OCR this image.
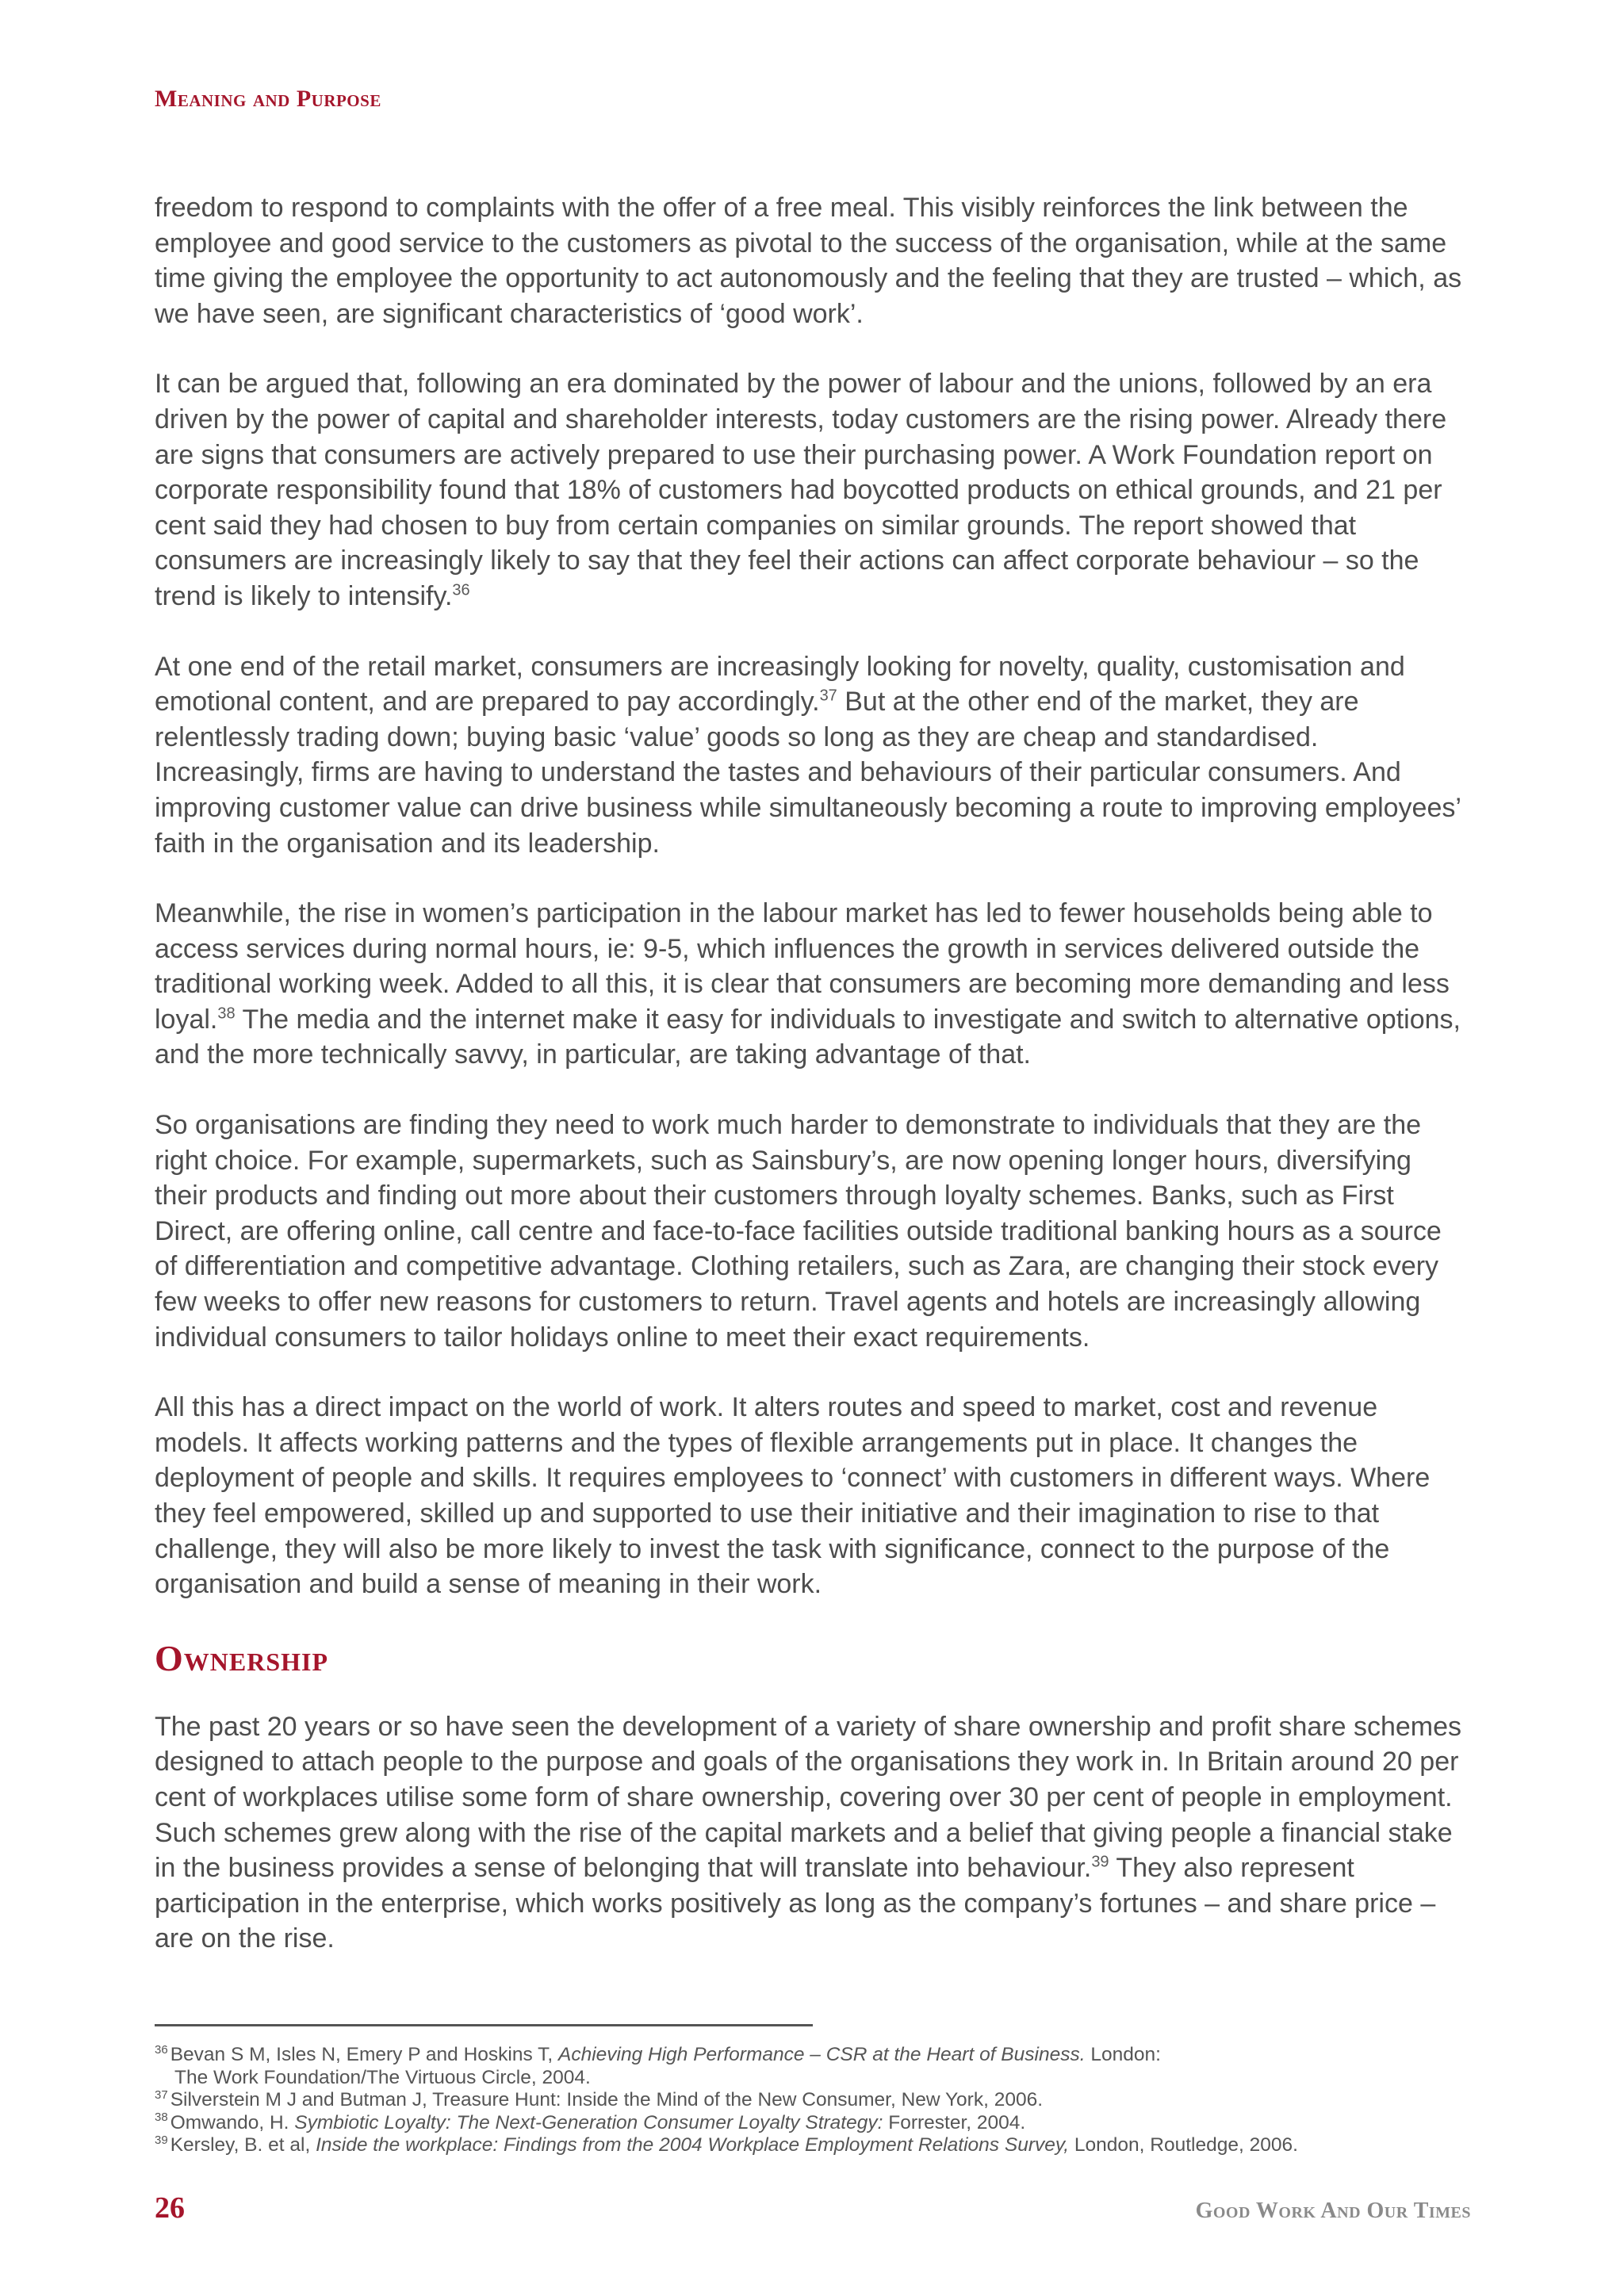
Meaning and Purpose

freedom to respond to complaints with the offer of a free meal. This visibly reinforces the link between the employee and good service to the customers as pivotal to the success of the organisation, while at the same time giving the employee the opportunity to act autonomously and the feeling that they are trusted – which, as we have seen, are significant characteristics of ‘good work’.

It can be argued that, following an era dominated by the power of labour and the unions, followed by an era driven by the power of capital and shareholder interests, today customers are the rising power. Already there are signs that consumers are actively prepared to use their purchasing power. A Work Foundation report on corporate responsibility found that 18% of customers had boycotted products on ethical grounds, and 21 per cent said they had chosen to buy from certain companies on similar grounds. The report showed that consumers are increasingly likely to say that they feel their actions can affect corporate behaviour – so the trend is likely to intensify.$^{36}$

At one end of the retail market, consumers are increasingly looking for novelty, quality, customisation and emotional content, and are prepared to pay accordingly.$^{37}$ But at the other end of the market, they are relentlessly trading down; buying basic ‘value’ goods so long as they are cheap and standardised. Increasingly, firms are having to understand the tastes and behaviours of their particular consumers. And improving customer value can drive business while simultaneously becoming a route to improving employees’ faith in the organisation and its leadership.

Meanwhile, the rise in women’s participation in the labour market has led to fewer households being able to access services during normal hours, ie: 9-5, which influences the growth in services delivered outside the traditional working week. Added to all this, it is clear that consumers are becoming more demanding and less loyal.$^{38}$ The media and the internet make it easy for individuals to investigate and switch to alternative options, and the more technically savvy, in particular, are taking advantage of that.

So organisations are finding they need to work much harder to demonstrate to individuals that they are the right choice. For example, supermarkets, such as Sainsbury’s, are now opening longer hours, diversifying their products and finding out more about their customers through loyalty schemes. Banks, such as First Direct, are offering online, call centre and face-to-face facilities outside traditional banking hours as a source of differentiation and competitive advantage. Clothing retailers, such as Zara, are changing their stock every few weeks to offer new reasons for customers to return. Travel agents and hotels are increasingly allowing individual consumers to tailor holidays online to meet their exact requirements.

All this has a direct impact on the world of work. It alters routes and speed to market, cost and revenue models. It affects working patterns and the types of flexible arrangements put in place. It changes the deployment of people and skills. It requires employees to ‘connect’ with customers in different ways. Where they feel empowered, skilled up and supported to use their initiative and their imagination to rise to that challenge, they will also be more likely to invest the task with significance, connect to the purpose of the organisation and build a sense of meaning in their work.

Ownership

The past 20 years or so have seen the development of a variety of share ownership and profit share schemes designed to attach people to the purpose and goals of the organisations they work in. In Britain around 20 per cent of workplaces utilise some form of share ownership, covering over 30 per cent of people in employment. Such schemes grew along with the rise of the capital markets and a belief that giving people a financial stake in the business provides a sense of belonging that will translate into behaviour.$^{39}$ They also represent participation in the enterprise, which works positively as long as the company’s fortunes – and share price – are on the rise.

$^{36}$ Bevan S M, Isles N, Emery P and Hoskins T, Achieving High Performance – CSR at the Heart of Business. London:
The Work Foundation/The Virtuous Circle, 2004.

$^{37}$ Silverstein M J and Butman J, Treasure Hunt: Inside the Mind of the New Consumer, New York, 2006.

$^{38}$ Omwando, H. Symbiotic Loyalty: The Next-Generation Consumer Loyalty Strategy: Forrester, 2004.

$^{39}$ Kersley, B. et al, Inside the workplace: Findings from the 2004 Workplace Employment Relations Survey, London, Routledge, 2006.

26	Good Work And Our Times
